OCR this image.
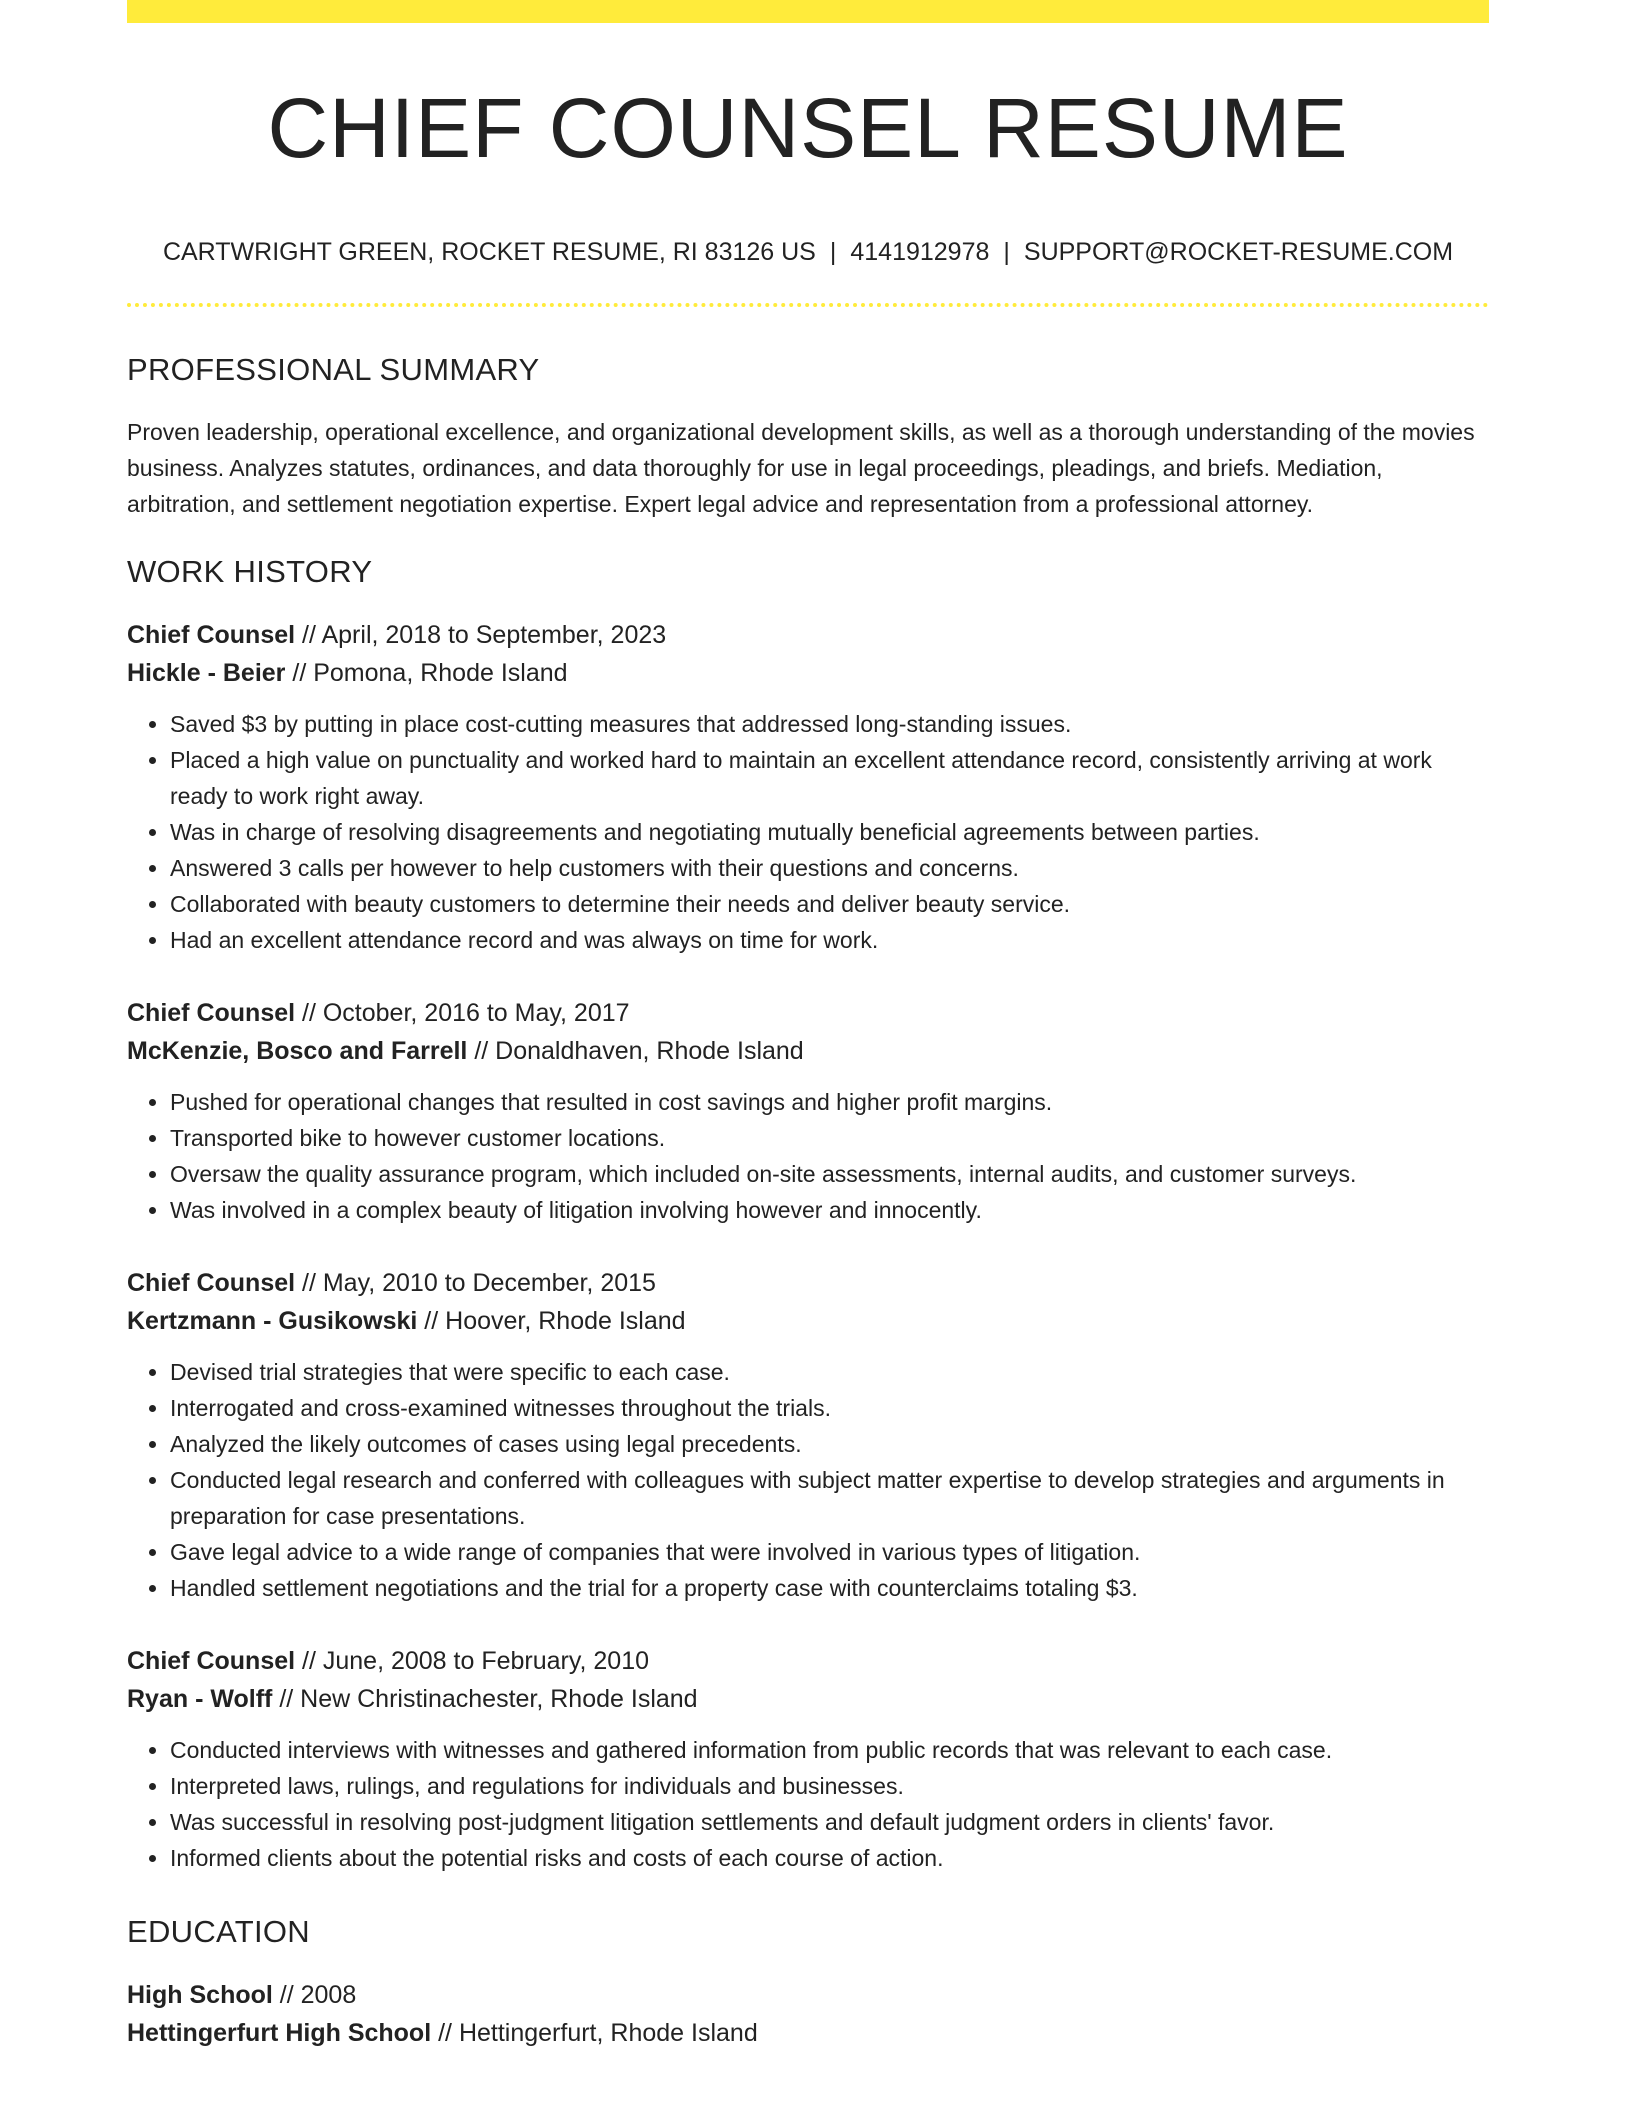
CHIEF COUNSEL RESUME
CARTWRIGHT GREEN, ROCKET RESUME, RI 83126 US | 4141912978 | SUPPORT@ROCKET-RESUME.COM
PROFESSIONAL SUMMARY

Proven leadership, operational excellence, and organizational development skills, as well as a thorough understanding of the movies business. Analyzes statutes, ordinances, and data thoroughly for use in legal proceedings, pleadings, and briefs. Mediation, arbitration, and settlement negotiation expertise. Expert legal advice and representation from a professional attorney.

WORK HISTORY
Chief Counsel // April, 2018 to September, 2023
Hickle - Beier // Pomona, Rhode Island
• Saved $3 by putting in place cost-cutting measures that addressed long-standing issues.
• Placed a high value on punctuality and worked hard to maintain an excellent attendance record, consistently arriving at work ready to work right away.
• Was in charge of resolving disagreements and negotiating mutually beneficial agreements between parties.
• Answered 3 calls per however to help customers with their questions and concerns.
• Collaborated with beauty customers to determine their needs and deliver beauty service.
• Had an excellent attendance record and was always on time for work.
Chief Counsel // October, 2016 to May, 2017
McKenzie, Bosco and Farrell // Donaldhaven, Rhode Island
• Pushed for operational changes that resulted in cost savings and higher profit margins.
• Transported bike to however customer locations.
• Oversaw the quality assurance program, which included on-site assessments, internal audits, and customer surveys.
• Was involved in a complex beauty of litigation involving however and innocently.
Chief Counsel // May, 2010 to December, 2015
Kertzmann - Gusikowski // Hoover, Rhode Island
• Devised trial strategies that were specific to each case.
• Interrogated and cross-examined witnesses throughout the trials.
• Analyzed the likely outcomes of cases using legal precedents.
• Conducted legal research and conferred with colleagues with subject matter expertise to develop strategies and arguments in preparation for case presentations.
• Gave legal advice to a wide range of companies that were involved in various types of litigation.
• Handled settlement negotiations and the trial for a property case with counterclaims totaling $3.
Chief Counsel // June, 2008 to February, 2010
Ryan - Wolff // New Christinachester, Rhode Island
• Conducted interviews with witnesses and gathered information from public records that was relevant to each case.
• Interpreted laws, rulings, and regulations for individuals and businesses.
• Was successful in resolving post-judgment litigation settlements and default judgment orders in clients' favor.
• Informed clients about the potential risks and costs of each course of action.
EDUCATION
High School // 2008
Hettingerfurt High School // Hettingerfurt, Rhode Island
